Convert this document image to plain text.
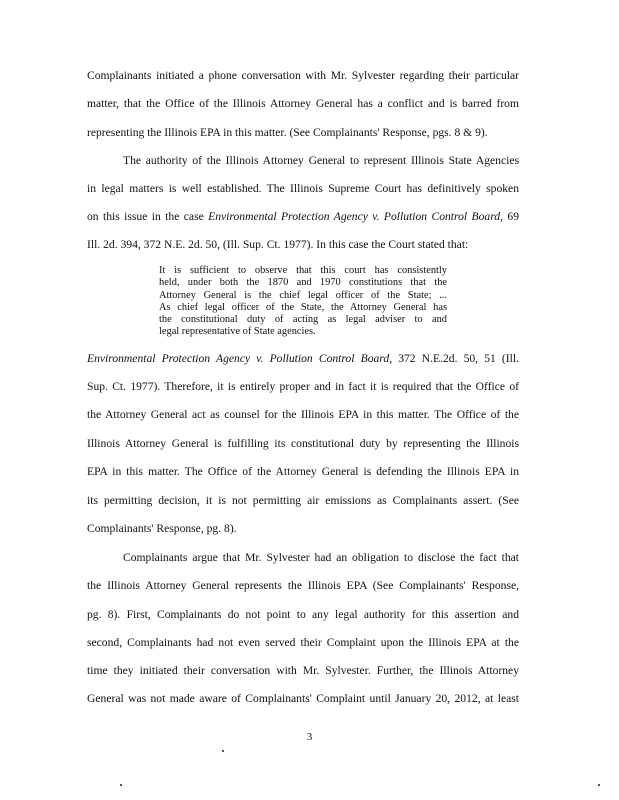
Complainants initiated a phone conversation with Mr. Sylvester regarding their particular
matter, that the Office of the Illinois Attorney General has a conflict and is barred from
representing the Illinois EPA in this matter. (See Complainants' Response, pgs. 8 & 9).
The authority of the Illinois Attorney General to represent Illinois State Agencies
in legal matters is well established. The Illinois Supreme Court has definitively spoken
on this issue in the case Environmental Protection Agency v. Pollution Control Board, 69
Ill. 2d. 394, 372 N.E. 2d. 50, (Ill. Sup. Ct. 1977). In this case the Court stated that:
It is sufficient to observe that this court has consistently
held, under both the 1870 and 1970 constitutions that the
Attorney General is the chief legal officer of the State; ...
As chief legal officer of the State, the Attorney General has
the constitutional duty of acting as legal adviser to and
legal representative of State agencies.
Environmental Protection Agency v. Pollution Control Board, 372 N.E.2d. 50, 51 (Ill.
Sup. Ct. 1977). Therefore, it is entirely proper and in fact it is required that the Office of
the Attorney General act as counsel for the Illinois EPA in this matter. The Office of the
Illinois Attorney General is fulfilling its constitutional duty by representing the Illinois
EPA in this matter. The Office of the Attorney General is defending the Illinois EPA in
its permitting decision, it is not permitting air emissions as Complainants assert. (See
Complainants' Response, pg. 8).
Complainants argue that Mr. Sylvester had an obligation to disclose the fact that
the Illinois Attorney General represents the Illinois EPA (See Complainants' Response,
pg. 8). First, Complainants do not point to any legal authority for this assertion and
second, Complainants had not even served their Complaint upon the Illinois EPA at the
time they initiated their conversation with Mr. Sylvester. Further, the Illinois Attorney
General was not made aware of Complainants' Complaint until January 20, 2012, at least
3
